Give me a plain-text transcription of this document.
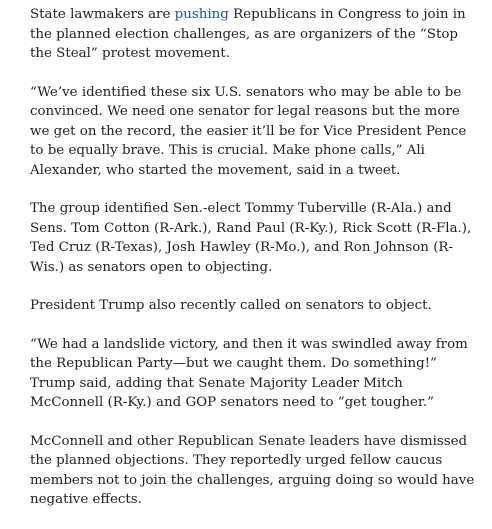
State lawmakers are pushing Republicans in Congress to join in the planned election challenges, as are organizers of the “Stop the Steal” protest movement.

“We’ve identified these six U.S. senators who may be able to be convinced. We need one senator for legal reasons but the more we get on the record, the easier it’ll be for Vice President Pence to be equally brave. This is crucial. Make phone calls,” Ali Alexander, who started the movement, said in a tweet.

The group identified Sen.-elect Tommy Tuberville (R-Ala.) and Sens. Tom Cotton (R-Ark.), Rand Paul (R-Ky.), Rick Scott (R-Fla.), Ted Cruz (R-Texas), Josh Hawley (R-Mo.), and Ron Johnson (R-Wis.) as senators open to objecting.

President Trump also recently called on senators to object.

“We had a landslide victory, and then it was swindled away from the Republican Party—but we caught them. Do something!” Trump said, adding that Senate Majority Leader Mitch McConnell (R-Ky.) and GOP senators need to “get tougher.”

McConnell and other Republican Senate leaders have dismissed the planned objections. They reportedly urged fellow caucus members not to join the challenges, arguing doing so would have negative effects.
